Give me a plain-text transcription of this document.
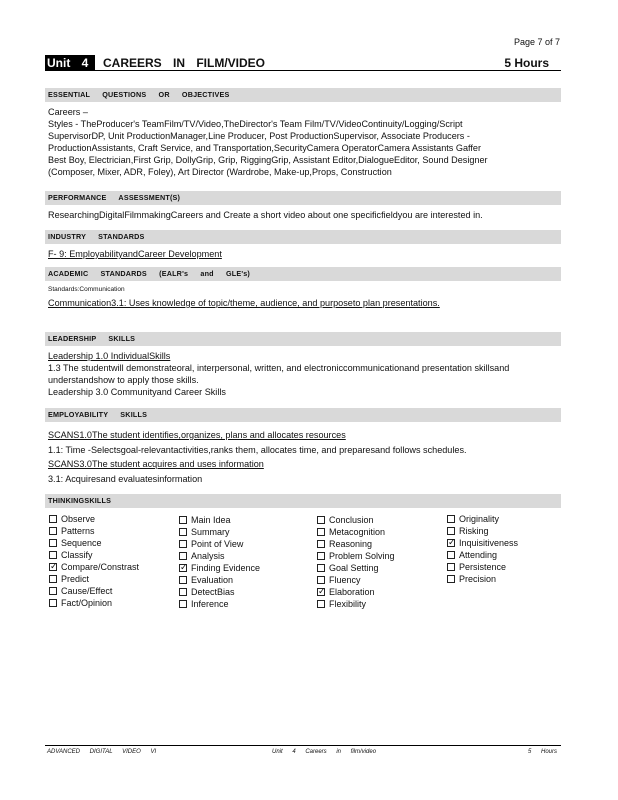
Page 7 of 7
Unit 4	CAREERS IN FILM/VIDEO	5 Hours
ESSENTIAL QUESTIONS OR OBJECTIVES
Careers –
Styles - TheProducer's TeamFilm/TV/Video,TheDirector's Team Film/TV/VideoContinuity/Logging/Script
SupervisorDP, Unit ProductionManager,Line Producer, Post ProductionSupervisor, Associate Producers -
ProductionAssistants, Craft Service, and Transportation,SecurityCamera OperatorCamera Assistants Gaffer
Best Boy, Electrician,First Grip, DollyGrip, Grip, RiggingGrip, Assistant Editor,DialogueEditor, Sound Designer
(Composer, Mixer, ADR, Foley), Art Director (Wardrobe, Make-up,Props, Construction
PERFORMANCE ASSESSMENT(S)
ResearchingDigitalFilmmakingCareers and Create a short video about one specificfieldyou are interested in.
INDUSTRY STANDARDS
F- 9: EmployabilityandCareer Development
ACADEMIC STANDARDS (EALR's and GLE's)
Standards:Communication
Communication3.1: Uses knowledge of topic/theme, audience, and purposeto plan presentations.
LEADERSHIP SKILLS
Leadership 1.0 IndividualSkills
1.3 The studentwill demonstrateoral, interpersonal, written, and electroniccommunicationand presentation skillsand
understandshow to apply those skills.
Leadership 3.0 Communityand Career Skills
EMPLOYABILITY SKILLS
SCANS1.0The student identifies,organizes, plans and allocates resources
1.1: Time -Selectsgoal-relevantactivities,ranks them, allocates time, and preparesand follows schedules.
SCANS3.0The student acquires and uses information
3.1: Acquiresand evaluatesinformation
THINKINGSKILLS
Observe
Patterns
Sequence
Classify
✓
Compare/Constrast
Predict
Cause/Effect
Fact/Opinion
Main Idea
Summary
Point of View
Analysis
✓
Finding Evidence
Evaluation
DetectBias
Inference
Conclusion
Metacognition
Reasoning
Problem Solving
Goal Setting
Fluency
✓
Elaboration
Flexibility
Originality
Risking
✓
Inquisitiveness
Attending
Persistence
Precision
ADVANCED DIGITAL VIDEO VI	Unit 4 Careers in film/video	5 Hours
